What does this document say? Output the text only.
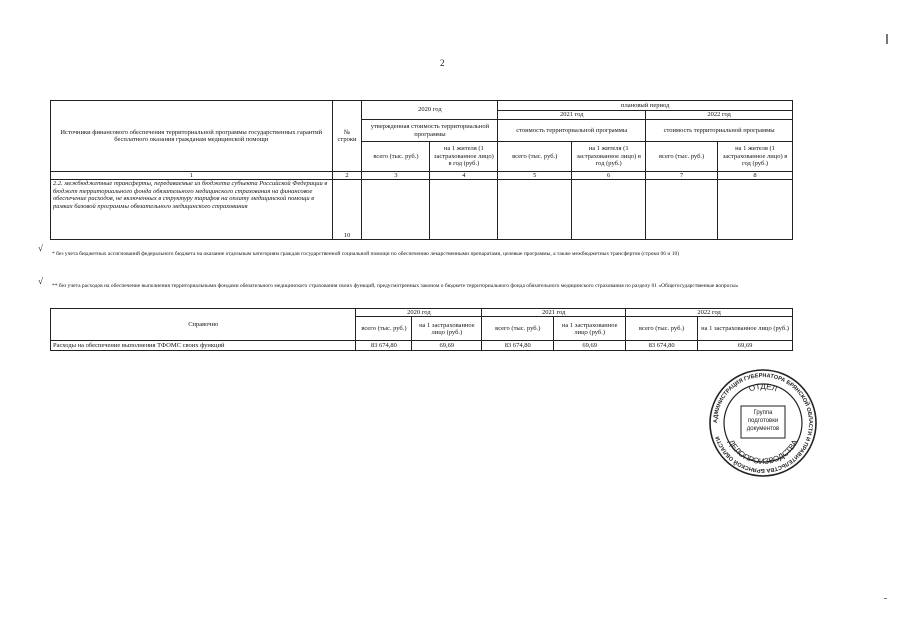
2
Источники финансового обеспечения территориальной программы государственных гарантий бесплатного оказания гражданам медицинской помощи	№ строки	2020 год		плановый период			
				2021 год		2022 год	
		утвержденная стоимость территориальной программы		стоимость территориальной программы		стоимость территориальной программы	
		всего (тыс. руб.)	на 1 жителя (1 застрахованное лицо) в год (руб.)	всего (тыс. руб.)	на 1 жителя (1 застрахованное лицо) в год (руб.)	всего (тыс. руб.)	на 1 жителя (1 застрахованное лицо) в год (руб.)
1	2	3	4	5	6	7	8
2.2. межбюджетные трансферты, передаваемые из бюджета субъекта Российской Федерации в бюджет территориального фонда обязательного медицинского страхования на финансовое обеспечение расходов, не включенных в структуру тарифов на оплату медицинской помощи в рамках базовой программы обязательного медицинского страхования	10						
√
* без учета бюджетных ассигнований федерального бюджета на оказание отдельным категориям граждан государственной социальной помощи по обеспечению лекарственными препаратами, целевые программы, а также межбюджетных трансфертов (строки 06 и 10)
√ ** без учета расходов на обеспечение выполнения территориальными фондами обязательного медицинского страхования своих функций, предусмотренных законом о бюджете территориального фонда обязательного медицинского страхования по разделу 01 «Общегосударственные вопросы»
Справочно	2020 год		2021 год		2022 год	
	всего (тыс. руб.)	на 1 застрахованное лицо (руб.)	всего (тыс. руб.)	на 1 застрахованное лицо (руб.)	всего (тыс. руб.)	на 1 застрахованное лицо (руб.)
Расходы на обеспечение выполнения ТФОМС своих функций	83 674,80	69,69	83 674,80	69,69	83 674,80	69,69
АДМИНИСТРАЦИЯ ГУБЕРНАТОРА БРЯНСКОЙ ОБЛАСТИ И ПРАВИТЕЛЬСТВА БРЯНСКОЙ ОБЛАСТИ
ОТДЕЛ
ДЕЛОПРОИЗВОДСТВА
Группа подготовки документов
